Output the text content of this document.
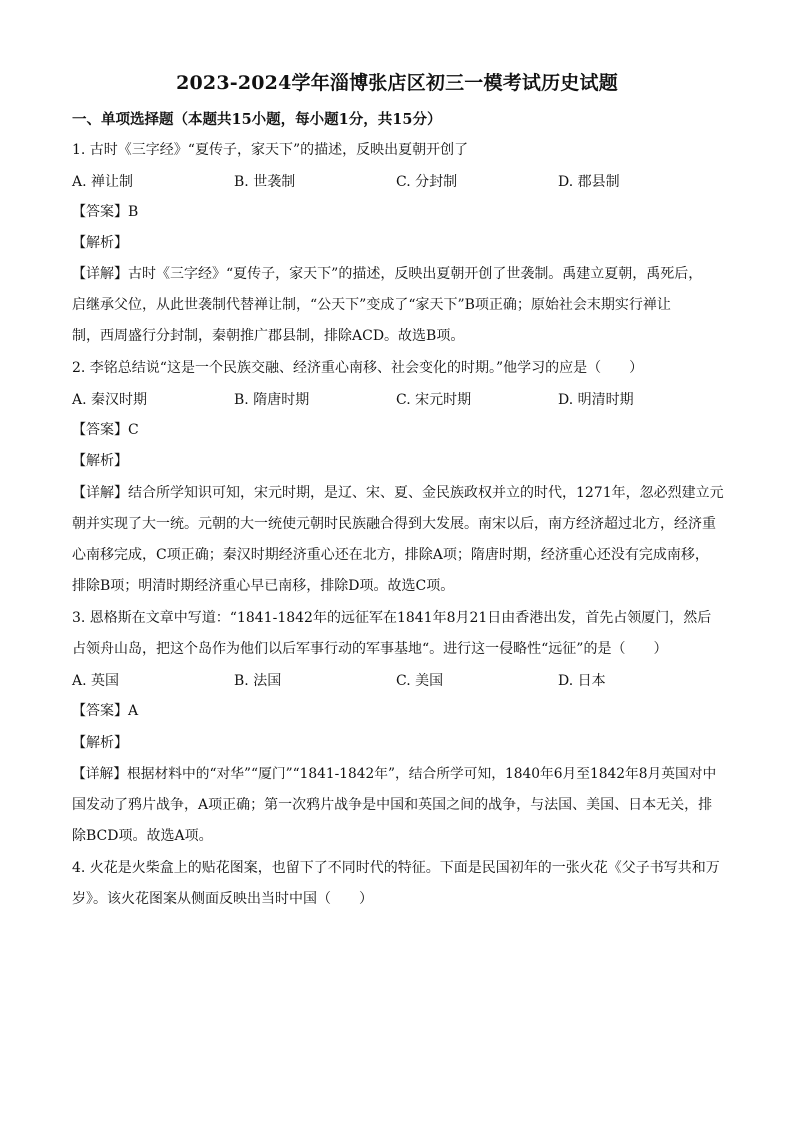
2023-2024学年淄博张店区初三一模考试历史试题
一、单项选择题（本题共15小题，每小题1分，共15分）
1. 古时《三字经》“夏传子，家天下”的描述，反映出夏朝开创了
A. 禅让制	B. 世袭制	C. 分封制	D. 郡县制
【答案】B
【解析】
【详解】古时《三字经》“夏传子，家天下”的描述，反映出夏朝开创了世袭制。禹建立夏朝，禹死后，
启继承父位，从此世袭制代替禅让制，“公天下”变成了“家天下”B项正确；原始社会末期实行禅让
制，西周盛行分封制，秦朝推广郡县制，排除ACD。故选B项。
2. 李铭总结说“这是一个民族交融、经济重心南移、社会变化的时期。”他学习的应是（　　）
A. 秦汉时期	B. 隋唐时期	C. 宋元时期	D. 明清时期
【答案】C
【解析】
【详解】结合所学知识可知，宋元时期，是辽、宋、夏、金民族政权并立的时代，1271年，忽必烈建立元
朝并实现了大一统。元朝的大一统使元朝时民族融合得到大发展。南宋以后，南方经济超过北方，经济重
心南移完成，C项正确；秦汉时期经济重心还在北方，排除A项；隋唐时期，经济重心还没有完成南移，
排除B项；明清时期经济重心早已南移，排除D项。故选C项。
3. 恩格斯在文章中写道：“1841-1842年的远征军在1841年8月21日由香港出发，首先占领厦门，然后
占领舟山岛，把这个岛作为他们以后军事行动的军事基地“。进行这一侵略性“远征”的是（　　）
A. 英国	B. 法国	C. 美国	D. 日本
【答案】A
【解析】
【详解】根据材料中的“对华”“厦门”“1841-1842年”，结合所学可知，1840年6月至1842年8月英国对中
国发动了鸦片战争，A项正确；第一次鸦片战争是中国和英国之间的战争，与法国、美国、日本无关，排
除BCD项。故选A项。
4. 火花是火柴盒上的贴花图案，也留下了不同时代的特征。下面是民国初年的一张火花《父子书写共和万
岁》。该火花图案从侧面反映出当时中国（　　）
